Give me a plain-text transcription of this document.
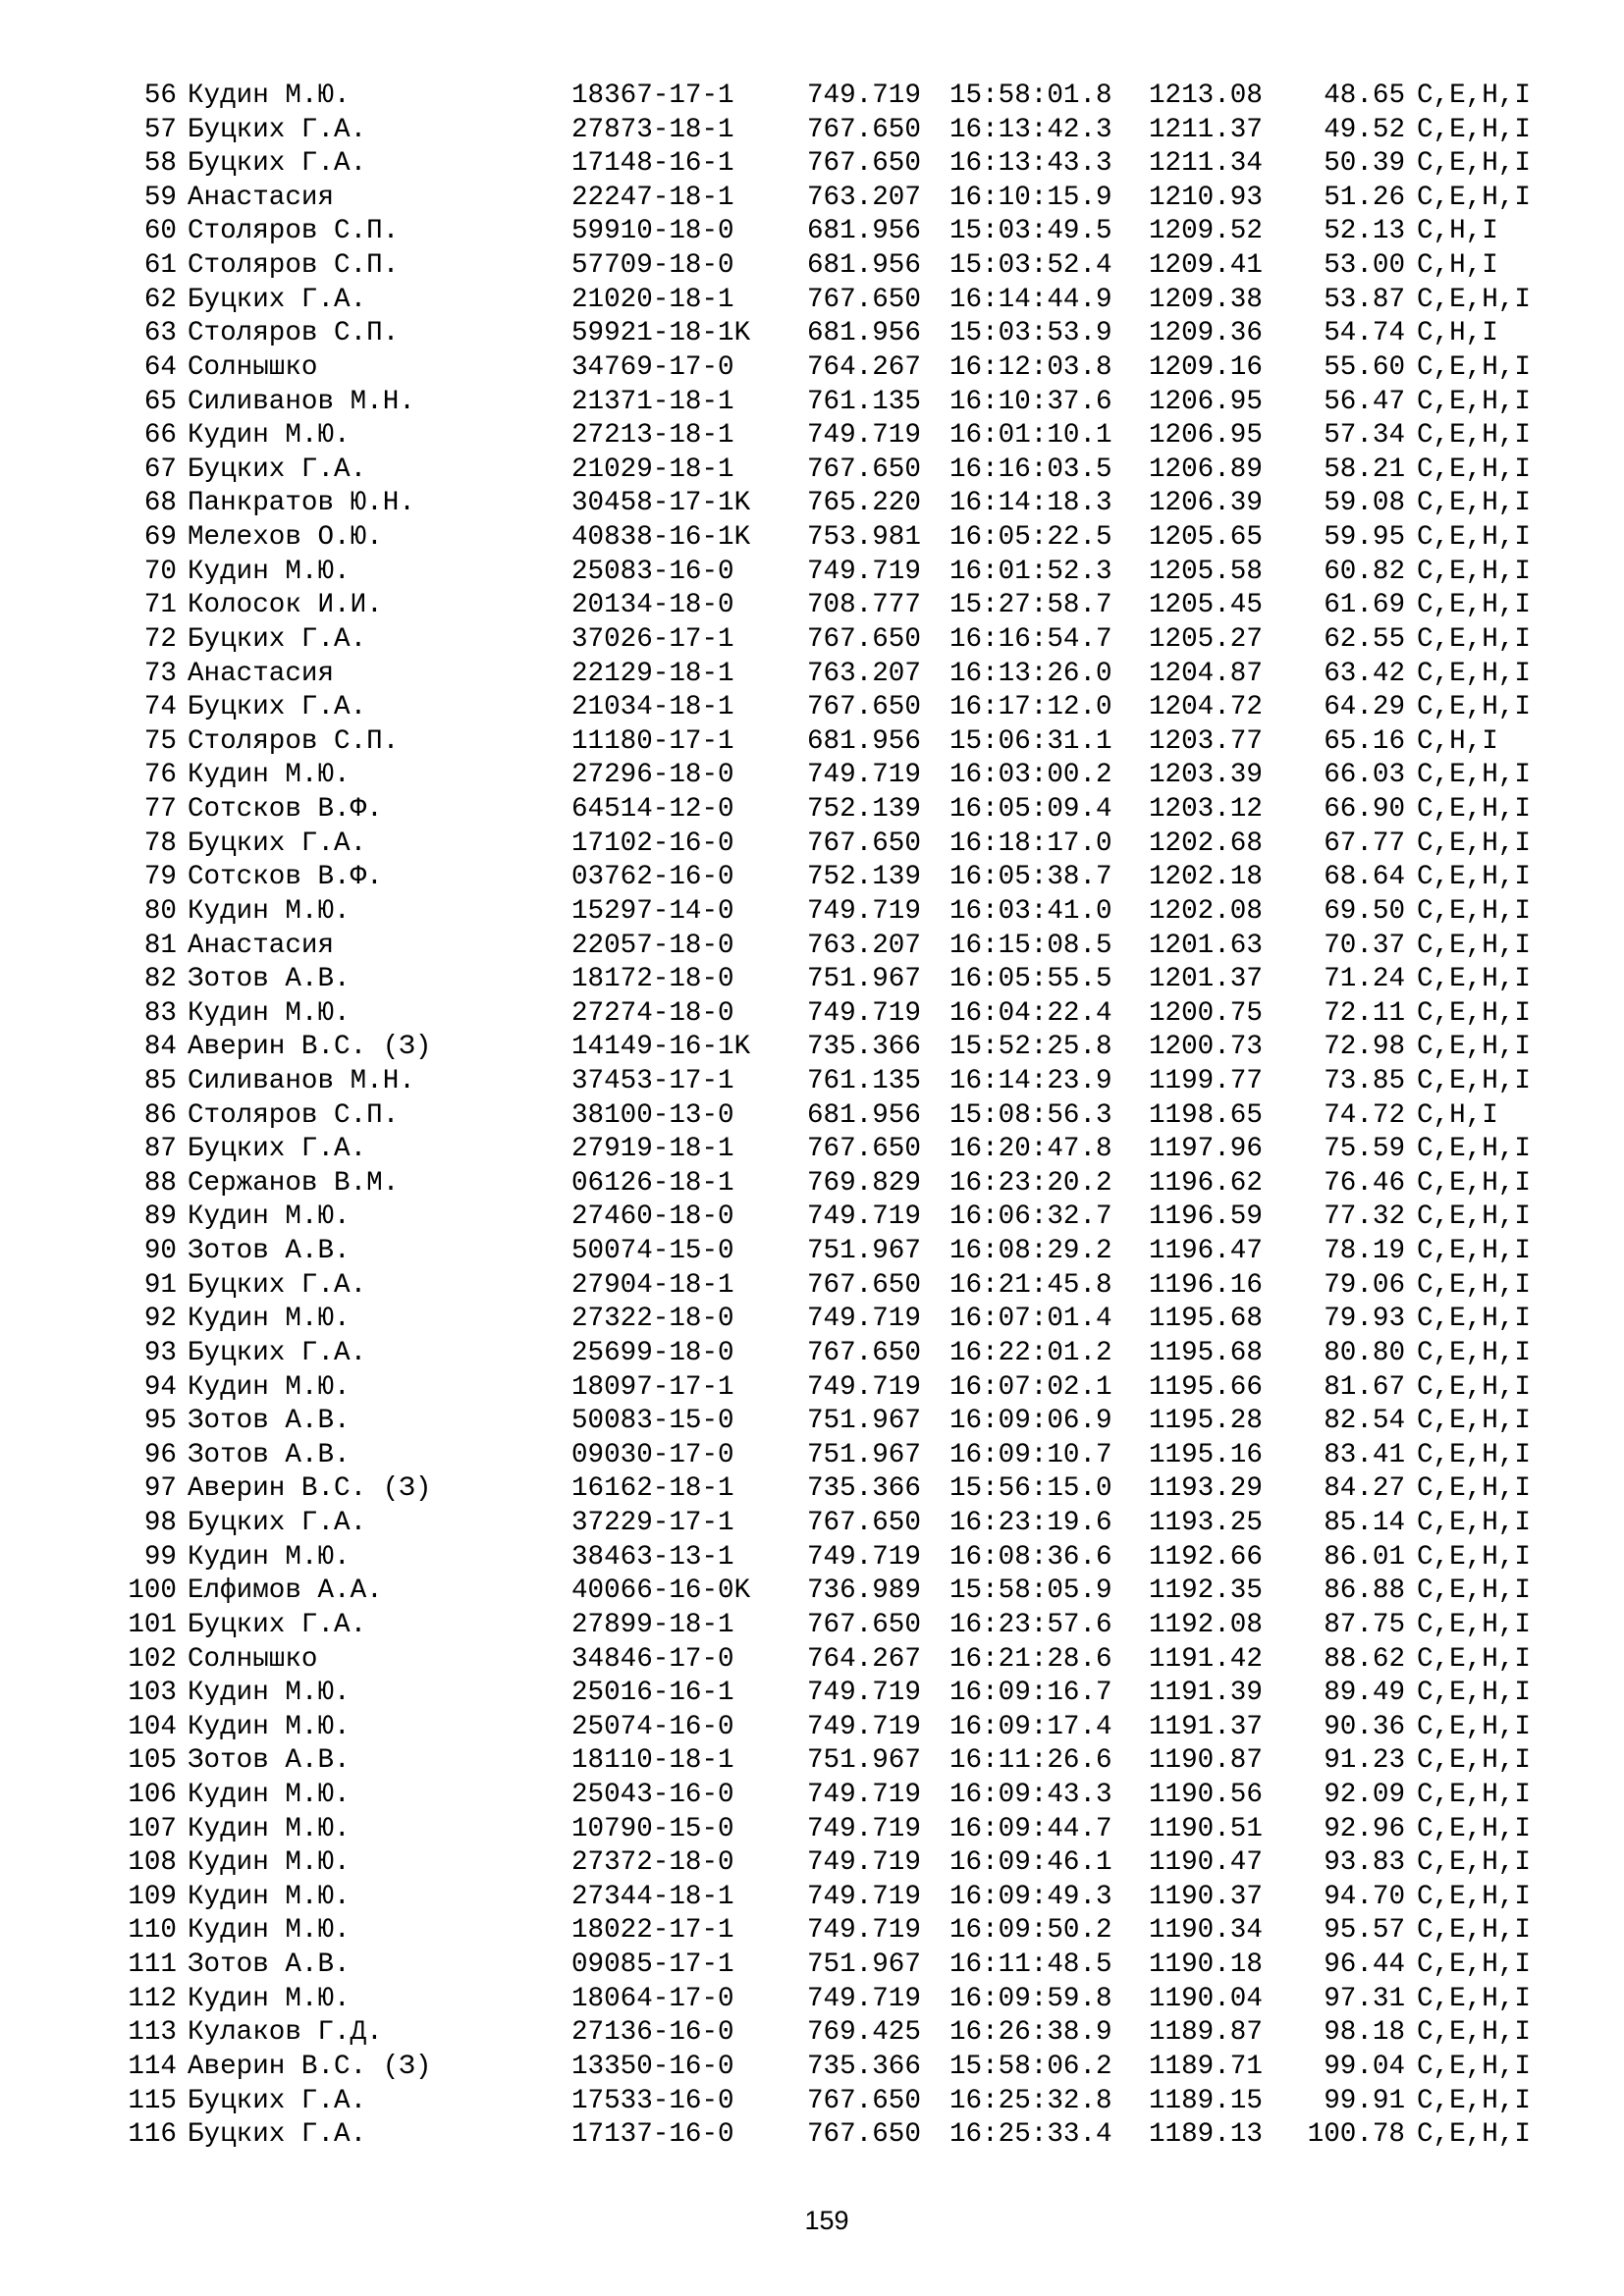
56 Кудин М.Ю.	18367-17-1	749.719 15:58:01.8 1213.08	48.65 C,E,H,I
57 Буцких Г.А.	27873-18-1	767.650 16:13:42.3 1211.37	49.52 C,E,H,I
58 Буцких Г.А.	17148-16-1	767.650 16:13:43.3 1211.34	50.39 C,E,H,I
59 Анастасия	22247-18-1	763.207 16:10:15.9 1210.93	51.26 C,E,H,I
60 Столяров С.П.	59910-18-0	681.956 15:03:49.5 1209.52	52.13 C,H,I
61 Столяров С.П.	57709-18-0	681.956 15:03:52.4 1209.41	53.00 C,H,I
62 Буцких Г.А.	21020-18-1	767.650 16:14:44.9 1209.38	53.87 C,E,H,I
63 Столяров С.П.	59921-18-1K 681.956 15:03:53.9 1209.36	54.74 C,H,I
64 Солнышко	34769-17-0	764.267 16:12:03.8 1209.16	55.60 C,E,H,I
65 Силиванов М.Н.	21371-18-1	761.135 16:10:37.6 1206.95	56.47 C,E,H,I
66 Кудин М.Ю.	27213-18-1	749.719 16:01:10.1 1206.95	57.34 C,E,H,I
67 Буцких Г.А.	21029-18-1	767.650 16:16:03.5 1206.89	58.21 C,E,H,I
68 Панкратов Ю.Н.	30458-17-1K 765.220 16:14:18.3 1206.39	59.08 C,E,H,I
69 Мелехов О.Ю.	40838-16-1K 753.981 16:05:22.5 1205.65	59.95 C,E,H,I
70 Кудин М.Ю.	25083-16-0	749.719 16:01:52.3 1205.58	60.82 C,E,H,I
71 Колосок И.И.	20134-18-0	708.777 15:27:58.7 1205.45	61.69 C,E,H,I
72 Буцких Г.А.	37026-17-1	767.650 16:16:54.7 1205.27	62.55 C,E,H,I
73 Анастасия	22129-18-1	763.207 16:13:26.0 1204.87	63.42 C,E,H,I
74 Буцких Г.А.	21034-18-1	767.650 16:17:12.0 1204.72	64.29 C,E,H,I
75 Столяров С.П.	11180-17-1	681.956 15:06:31.1 1203.77	65.16 C,H,I
76 Кудин М.Ю.	27296-18-0	749.719 16:03:00.2 1203.39	66.03 C,E,H,I
77 Сотсков В.Ф.	64514-12-0	752.139 16:05:09.4 1203.12	66.90 C,E,H,I
78 Буцких Г.А.	17102-16-0	767.650 16:18:17.0 1202.68	67.77 C,E,H,I
79 Сотсков В.Ф.	03762-16-0	752.139 16:05:38.7 1202.18	68.64 C,E,H,I
80 Кудин М.Ю.	15297-14-0	749.719 16:03:41.0 1202.08	69.50 C,E,H,I
81 Анастасия	22057-18-0	763.207 16:15:08.5 1201.63	70.37 C,E,H,I
82 Зотов А.В.	18172-18-0	751.967 16:05:55.5 1201.37	71.24 C,E,H,I
83 Кудин М.Ю.	27274-18-0	749.719 16:04:22.4 1200.75	72.11 C,E,H,I
84 Аверин В.С. (З)	14149-16-1K 735.366 15:52:25.8 1200.73	72.98 C,E,H,I
85 Силиванов М.Н.	37453-17-1	761.135 16:14:23.9 1199.77	73.85 C,E,H,I
86 Столяров С.П.	38100-13-0	681.956 15:08:56.3 1198.65	74.72 C,H,I
87 Буцких Г.А.	27919-18-1	767.650 16:20:47.8 1197.96	75.59 C,E,H,I
88 Сержанов В.М.	06126-18-1	769.829 16:23:20.2 1196.62	76.46 C,E,H,I
89 Кудин М.Ю.	27460-18-0	749.719 16:06:32.7 1196.59	77.32 C,E,H,I
90 Зотов А.В.	50074-15-0	751.967 16:08:29.2 1196.47	78.19 C,E,H,I
91 Буцких Г.А.	27904-18-1	767.650 16:21:45.8 1196.16	79.06 C,E,H,I
92 Кудин М.Ю.	27322-18-0	749.719 16:07:01.4 1195.68	79.93 C,E,H,I
93 Буцких Г.А.	25699-18-0	767.650 16:22:01.2 1195.68	80.80 C,E,H,I
94 Кудин М.Ю.	18097-17-1	749.719 16:07:02.1 1195.66	81.67 C,E,H,I
95 Зотов А.В.	50083-15-0	751.967 16:09:06.9 1195.28	82.54 C,E,H,I
96 Зотов А.В.	09030-17-0	751.967 16:09:10.7 1195.16	83.41 C,E,H,I
97 Аверин В.С. (З)	16162-18-1	735.366 15:56:15.0 1193.29	84.27 C,E,H,I
98 Буцких Г.А.	37229-17-1	767.650 16:23:19.6 1193.25	85.14 C,E,H,I
99 Кудин М.Ю.	38463-13-1	749.719 16:08:36.6 1192.66	86.01 C,E,H,I
100 Елфимов А.А.	40066-16-0K 736.989 15:58:05.9 1192.35	86.88 C,E,H,I
101 Буцких Г.А.	27899-18-1	767.650 16:23:57.6 1192.08	87.75 C,E,H,I
102 Солнышко	34846-17-0	764.267 16:21:28.6 1191.42	88.62 C,E,H,I
103 Кудин М.Ю.	25016-16-1	749.719 16:09:16.7 1191.39	89.49 C,E,H,I
104 Кудин М.Ю.	25074-16-0	749.719 16:09:17.4 1191.37	90.36 C,E,H,I
105 Зотов А.В.	18110-18-1	751.967 16:11:26.6 1190.87	91.23 C,E,H,I
106 Кудин М.Ю.	25043-16-0	749.719 16:09:43.3 1190.56	92.09 C,E,H,I
107 Кудин М.Ю.	10790-15-0	749.719 16:09:44.7 1190.51	92.96 C,E,H,I
108 Кудин М.Ю.	27372-18-0	749.719 16:09:46.1 1190.47	93.83 C,E,H,I
109 Кудин М.Ю.	27344-18-1	749.719 16:09:49.3 1190.37	94.70 C,E,H,I
110 Кудин М.Ю.	18022-17-1	749.719 16:09:50.2 1190.34	95.57 C,E,H,I
111 Зотов А.В.	09085-17-1	751.967 16:11:48.5 1190.18	96.44 C,E,H,I
112 Кудин М.Ю.	18064-17-0	749.719 16:09:59.8 1190.04	97.31 C,E,H,I
113 Кулаков Г.Д.	27136-16-0	769.425 16:26:38.9 1189.87	98.18 C,E,H,I
114 Аверин В.С. (З)	13350-16-0	735.366 15:58:06.2 1189.71	99.04 C,E,H,I
115 Буцких Г.А.	17533-16-0	767.650 16:25:32.8 1189.15	99.91 C,E,H,I
116 Буцких Г.А.	17137-16-0	767.650 16:25:33.4 1189.13	100.78 C,E,H,I
159
